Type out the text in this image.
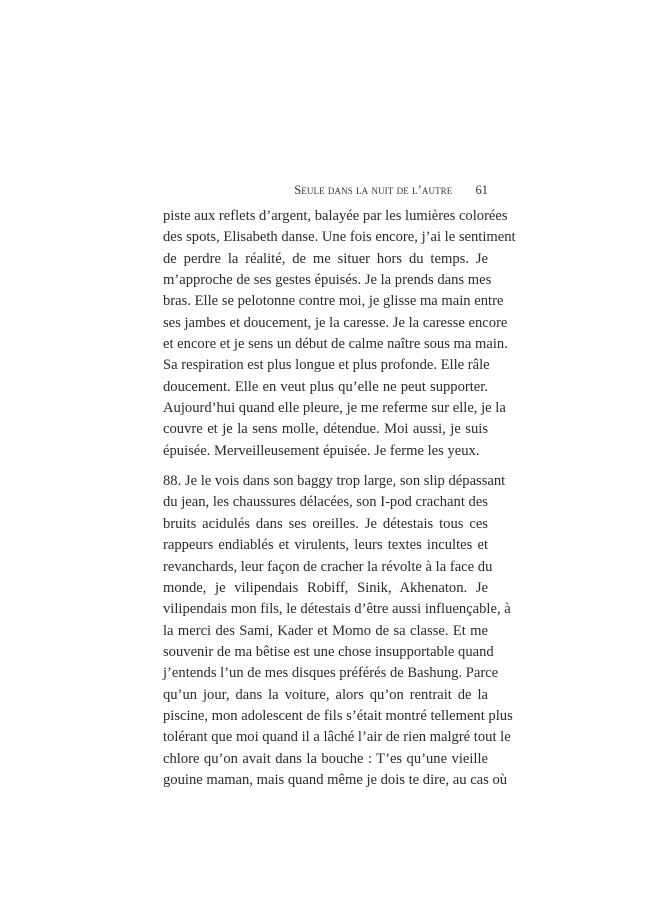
Seule dans la nuit de l’autre 61

piste aux reflets d’argent, balayée par les lumières colorées
des spots, Elisabeth danse. Une fois encore, j’ai le sentiment
de perdre la réalité, de me situer hors du temps. Je
m’approche de ses gestes épuisés. Je la prends dans mes
bras. Elle se pelotonne contre moi, je glisse ma main entre
ses jambes et doucement, je la caresse. Je la caresse encore
et encore et je sens un début de calme naître sous ma main.
Sa respiration est plus longue et plus profonde. Elle râle
doucement. Elle en veut plus qu’elle ne peut supporter.
Aujourd’hui quand elle pleure, je me referme sur elle, je la
couvre et je la sens molle, détendue. Moi aussi, je suis
épuisée. Merveilleusement épuisée. Je ferme les yeux.

88. Je le vois dans son baggy trop large, son slip dépassant
du jean, les chaussures délacées, son I-pod crachant des
bruits acidulés dans ses oreilles. Je détestais tous ces
rappeurs endiablés et virulents, leurs textes incultes et
revanchards, leur façon de cracher la révolte à la face du
monde, je vilipendais Robiff, Sinik, Akhenaton. Je
vilipendais mon fils, le détestais d’être aussi influençable, à
la merci des Sami, Kader et Momo de sa classe. Et me
souvenir de ma bêtise est une chose insupportable quand
j’entends l’un de mes disques préférés de Bashung. Parce
qu’un jour, dans la voiture, alors qu’on rentrait de la
piscine, mon adolescent de fils s’était montré tellement plus
tolérant que moi quand il a lâché l’air de rien malgré tout le
chlore qu’on avait dans la bouche : T’es qu’une vieille
gouine maman, mais quand même je dois te dire, au cas où
